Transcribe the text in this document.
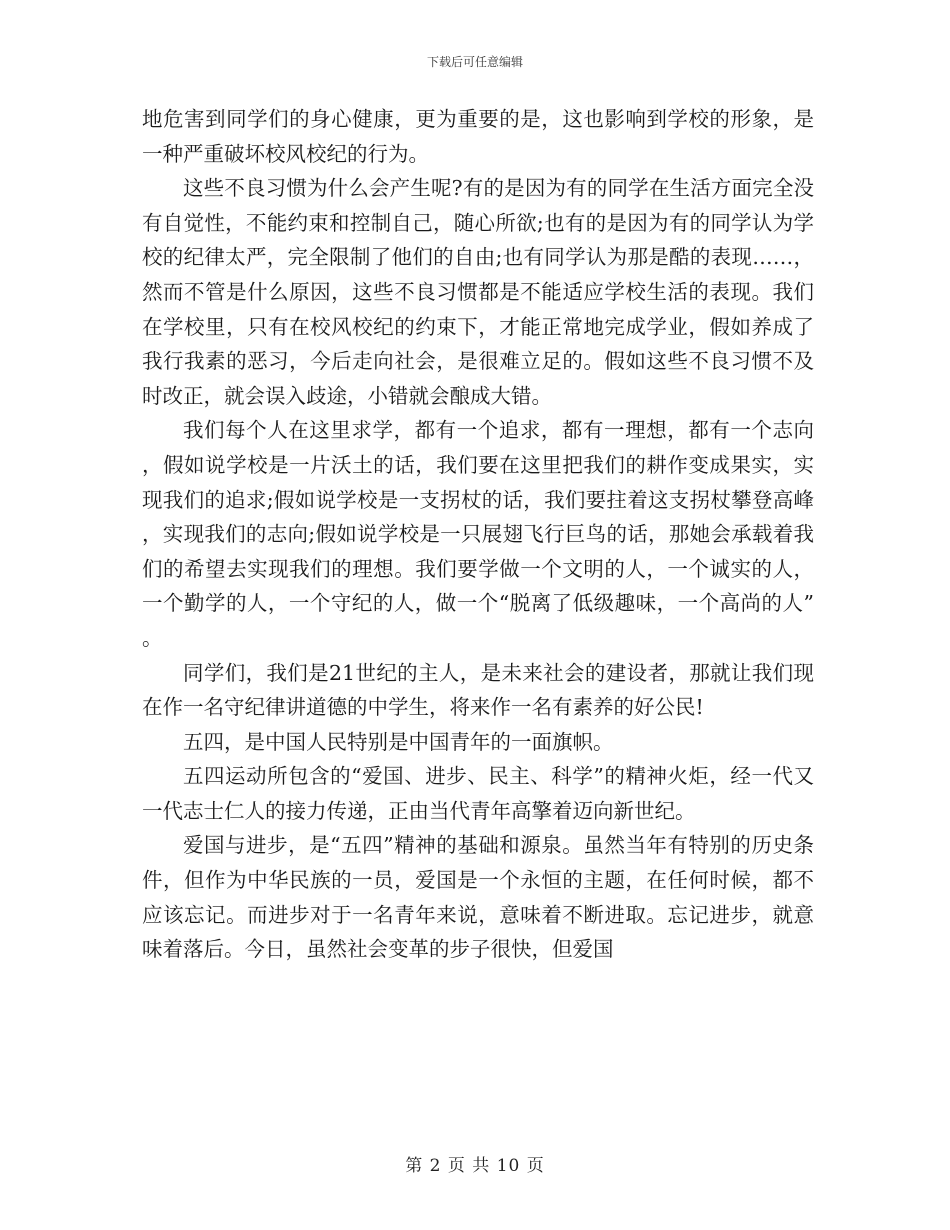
下载后可任意编辑

地危害到同学们的身心健康，更为重要的是，这也影响到学校的形象，是一种严重破坏校风校纪的行为。

这些不良习惯为什么会产生呢?有的是因为有的同学在生活方面完全没有自觉性，不能约束和控制自己，随心所欲;也有的是因为有的同学认为学校的纪律太严，完全限制了他们的自由;也有同学认为那是酷的表现……，然而不管是什么原因，这些不良习惯都是不能适应学校生活的表现。我们在学校里，只有在校风校纪的约束下，才能正常地完成学业，假如养成了我行我素的恶习，今后走向社会，是很难立足的。假如这些不良习惯不及时改正，就会误入歧途，小错就会酿成大错。

我们每个人在这里求学，都有一个追求，都有一理想，都有一个志向，假如说学校是一片沃土的话，我们要在这里把我们的耕作变成果实，实现我们的追求;假如说学校是一支拐杖的话，我们要拄着这支拐杖攀登高峰，实现我们的志向;假如说学校是一只展翅飞行巨鸟的话，那她会承载着我们的希望去实现我们的理想。我们要学做一个文明的人，一个诚实的人，一个勤学的人，一个守纪的人，做一个“脱离了低级趣味，一个高尚的人”。

同学们，我们是21世纪的主人，是未来社会的建设者，那就让我们现在作一名守纪律讲道德的中学生，将来作一名有素养的好公民!

五四，是中国人民特别是中国青年的一面旗帜。

五四运动所包含的“爱国、进步、民主、科学”的精神火炬，经一代又一代志士仁人的接力传递，正由当代青年高擎着迈向新世纪。

爱国与进步，是“五四”精神的基础和源泉。虽然当年有特别的历史条件，但作为中华民族的一员，爱国是一个永恒的主题，在任何时候，都不应该忘记。而进步对于一名青年来说，意味着不断进取。忘记进步，就意味着落后。今日，虽然社会变革的步子很快，但爱国

第 2 页 共 10 页
